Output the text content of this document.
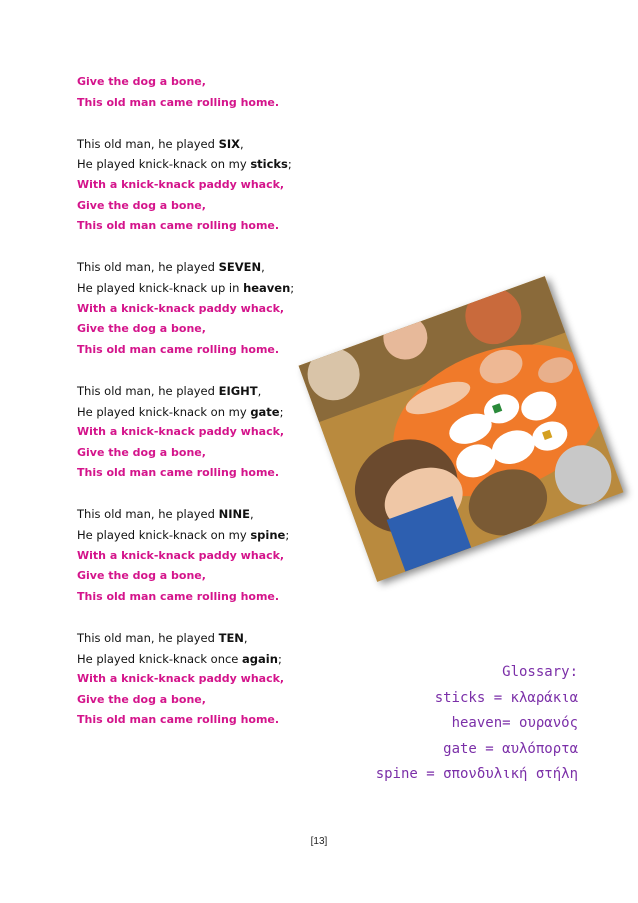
Give the dog a bone,
This old man came rolling home.
This old man, he played SIX,
He played knick-knack on my sticks;
With a knick-knack paddy whack,
Give the dog a bone,
This old man came rolling home.
This old man, he played SEVEN,
He played knick-knack up in heaven;
With a knick-knack paddy whack,
Give the dog a bone,
This old man came rolling home.
This old man, he played EIGHT,
He played knick-knack on my gate;
With a knick-knack paddy whack,
Give the dog a bone,
This old man came rolling home.
This old man, he played NINE,
He played knick-knack on my spine;
With a knick-knack paddy whack,
Give the dog a bone,
This old man came rolling home.
This old man, he played TEN,
He played knick-knack once again;
With a knick-knack paddy whack,
Give the dog a bone,
This old man came rolling home.
Glossary:
sticks = κλαράκια
heaven= ουρανός
gate = αυλόπορτα
spine = σπονδυλική στήλη
[13]
